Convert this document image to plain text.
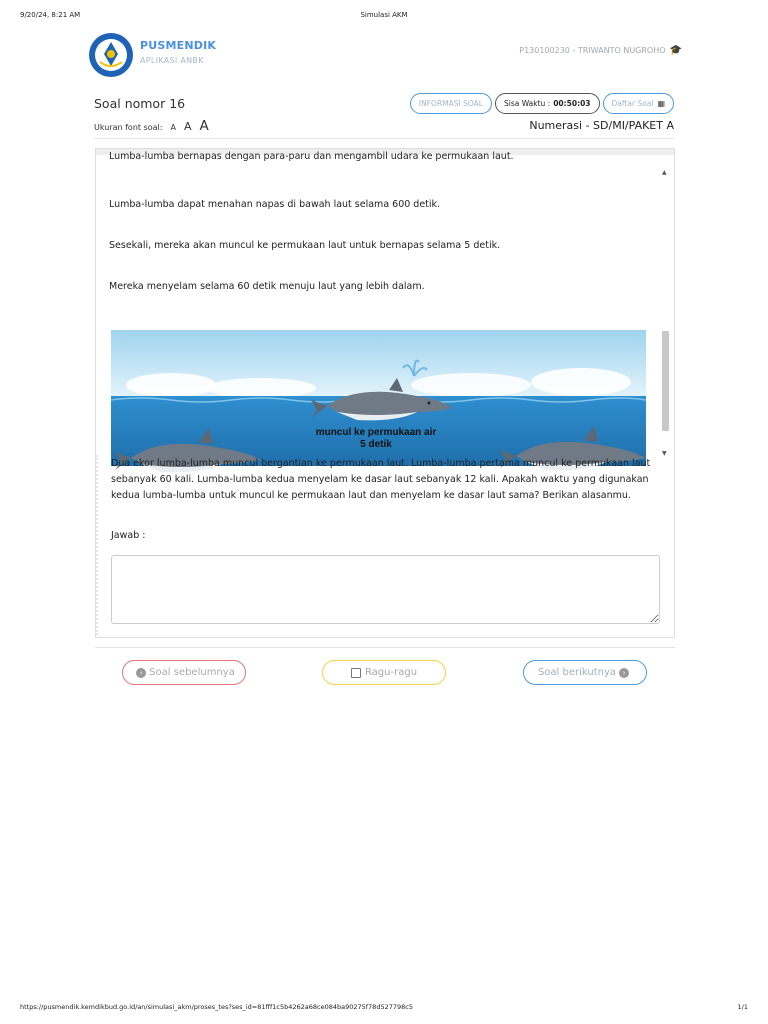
9/20/24, 8:21 AM	Simulasi AKM
PUSMENDIK
APLIKASI ANBK
P130100230 - TRIWANTO NUGROHO 🎓
Soal nomor 16
Ukuran font soal: A A A
INFORMASI SOAL	Sisa Waktu : 00:50:03	Daftar Soal ▦
Numerasi - SD/MI/PAKET A
Lumba-lumba bernapas dengan para-paru dan mengambil udara ke permukaan laut.
Lumba-lumba dapat menahan napas di bawah laut selama 600 detik.
Sesekali, mereka akan muncul ke permukaan laut untuk bernapas selama 5 detik.
Mereka menyelam selama 60 detik menuju laut yang lebih dalam.
muncul ke permukaan air
5 detik
▲
▼
Dua ekor lumba-lumba muncul bergantian ke permukaan laut. Lumba-lumba pertama muncul ke permukaan laut sebanyak 60 kali. Lumba-lumba kedua menyelam ke dasar laut sebanyak 12 kali. Apakah waktu yang digunakan kedua lumba-lumba untuk muncul ke permukaan laut dan menyelam ke dasar laut sama? Berikan alasanmu.
Jawab :
‹ Soal sebelumnya	Ragu-ragu	Soal berikutnya ›
https://pusmendik.kemdikbud.go.id/an/simulasi_akm/proses_tes?ses_id=81fff1c5b4262a68ce084ba90275f78d527798c5	1/1
